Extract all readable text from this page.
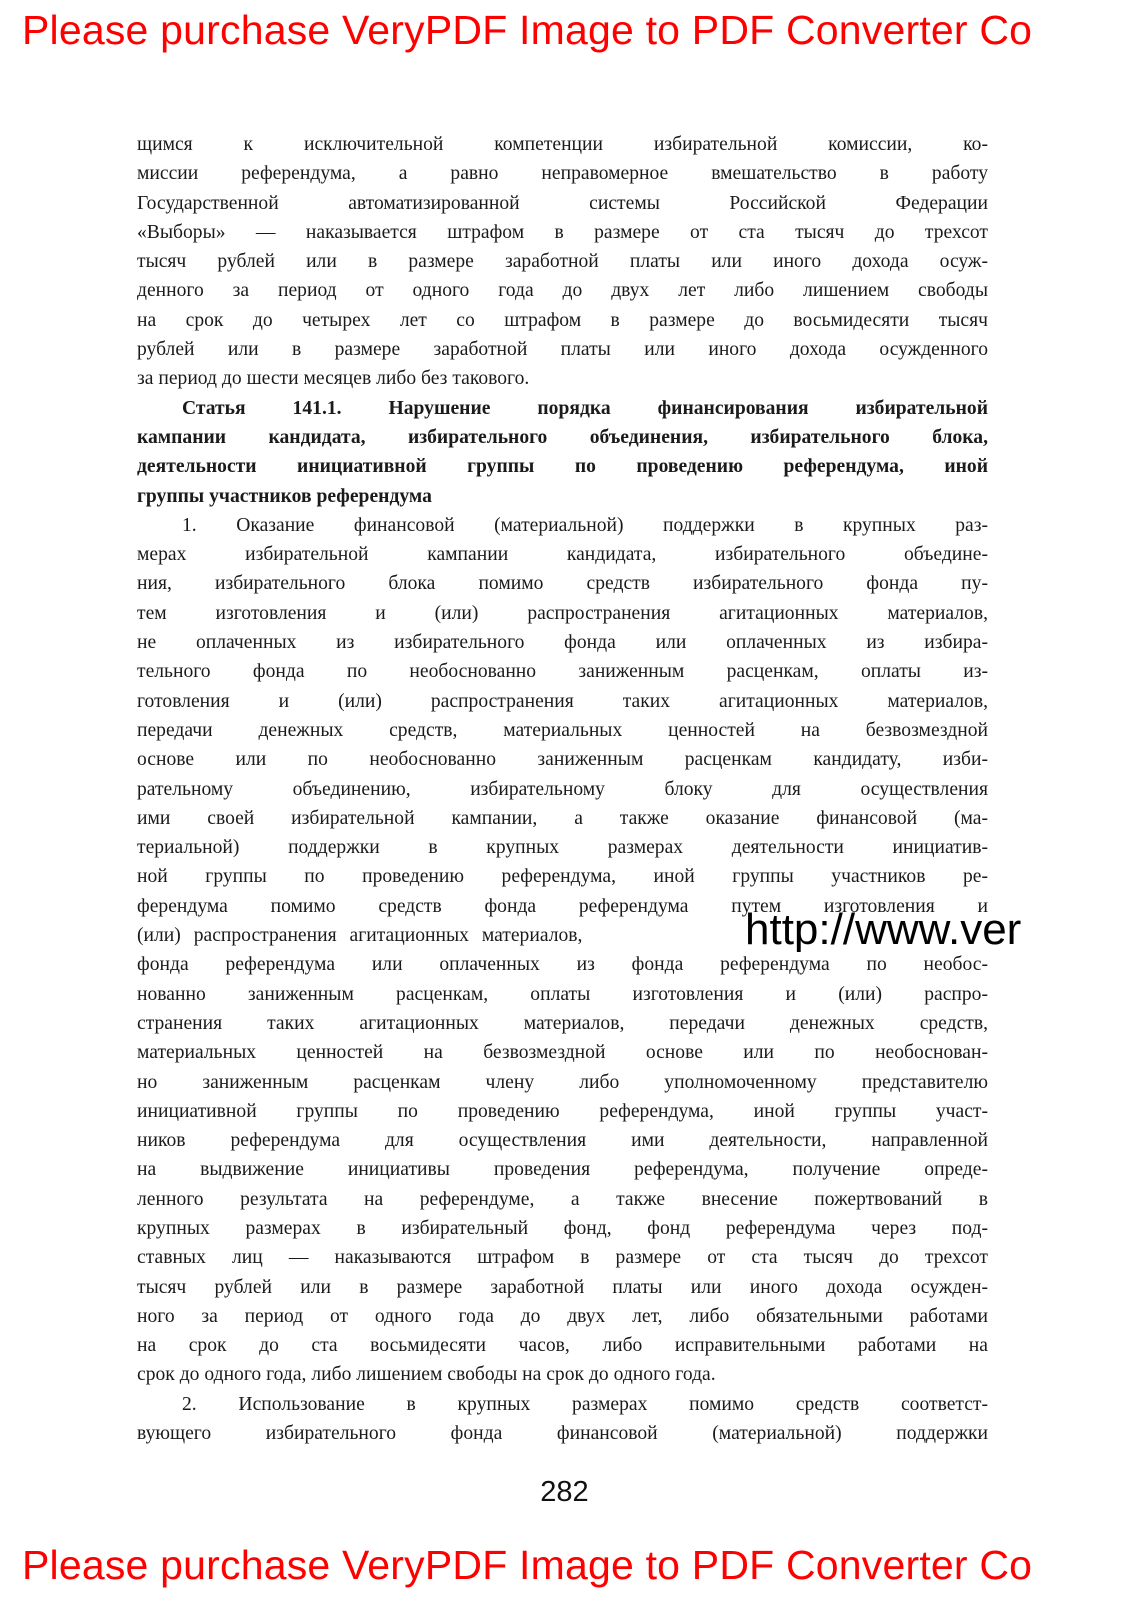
Please purchase VeryPDF Image to PDF Converter Co
щимся к исключительной компетенции избирательной комиссии, ко-
миссии референдума, а равно неправомерное вмешательство в работу
Государственной автоматизированной системы Российской Федерации
«Выборы» — наказывается штрафом в размере от ста тысяч до трехсот
тысяч рублей или в размере заработной платы или иного дохода осуж-
денного за период от одного года до двух лет либо лишением свободы
на срок до четырех лет со штрафом в размере до восьмидесяти тысяч
рублей или в размере заработной платы или иного дохода осужденного
за период до шести месяцев либо без такового.
Статья 141.1. Нарушение порядка финансирования избирательной
кампании кандидата, избирательного объединения, избирательного блока,
деятельности инициативной группы по проведению референдума, иной
группы участников референдума
1. Оказание финансовой (материальной) поддержки в крупных раз-
мерах избирательной кампании кандидата, избирательного объедине-
ния, избирательного блока помимо средств избирательного фонда пу-
тем изготовления и (или) распространения агитационных материалов,
не оплаченных из избирательного фонда или оплаченных из избира-
тельного фонда по необоснованно заниженным расценкам, оплаты из-
готовления и (или) распространения таких агитационных материалов,
передачи денежных средств, материальных ценностей на безвозмездной
основе или по необоснованно заниженным расценкам кандидату, изби-
рательному объединению, избирательному блоку для осуществления
ими своей избирательной кампании, а также оказание финансовой (ма-
териальной) поддержки в крупных размерах деятельности инициатив-
ной группы по проведению референдума, иной группы участников ре-
ферендума помимо средств фонда референдума путем изготовления и
(или) распространения агитационных материалов,
фонда референдума или оплаченных из фонда референдума по необос-
нованно заниженным расценкам, оплаты изготовления и (или) распро-
странения таких агитационных материалов, передачи денежных средств,
материальных ценностей на безвозмездной основе или по необоснован-
но заниженным расценкам члену либо уполномоченному представителю
инициативной группы по проведению референдума, иной группы участ-
ников референдума для осуществления ими деятельности, направленной
на выдвижение инициативы проведения референдума, получение опреде-
ленного результата на референдуме, а также внесение пожертвований в
крупных размерах в избирательный фонд, фонд референдума через под-
ставных лиц — наказываются штрафом в размере от ста тысяч до трехсот
тысяч рублей или в размере заработной платы или иного дохода осужден-
ного за период от одного года до двух лет, либо обязательными работами
на срок до ста восьмидесяти часов, либо исправительными работами на
срок до одного года, либо лишением свободы на срок до одного года.
2. Использование в крупных размерах помимо средств соответст-
вующего избирательного фонда финансовой (материальной) поддержки
http://www.ver
282
Please purchase VeryPDF Image to PDF Converter Co
